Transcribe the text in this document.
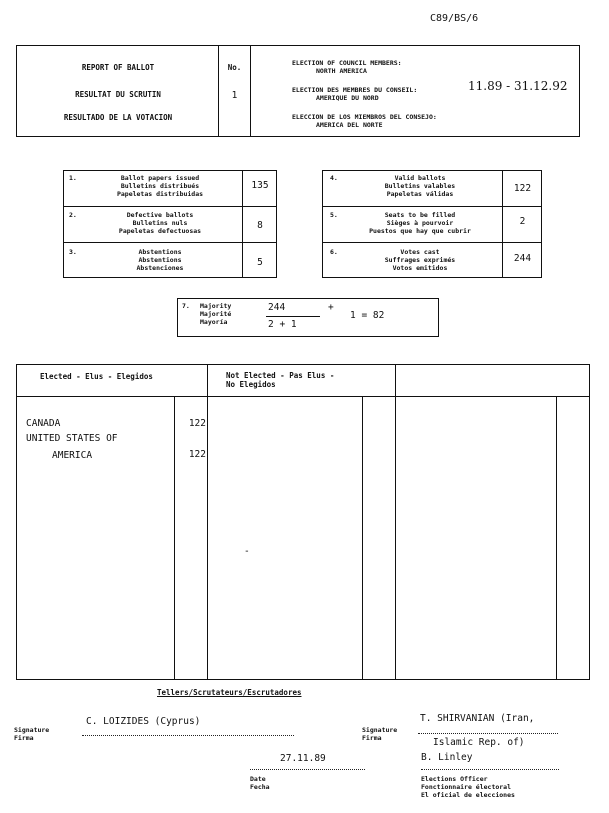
C89/BS/6
REPORT OF BALLOT
RESULTAT DU SCRUTIN
RESULTADO DE LA VOTACION
No.
1
ELECTION OF COUNCIL MEMBERS:
NORTH AMERICA
ELECTION DES MEMBRES DU CONSEIL:
AMERIQUE DU NORD
ELECCION DE LOS MIEMBROS DEL CONSEJO:
AMERICA DEL NORTE
11.89 - 31.12.92
1.	Ballot papers issued
Bulletins distribués
Papeletas distribuidas
135
2.	Defective ballots
Bulletins nuls
Papeletas defectuosas	8
3.	Abstentions
Abstentions
Abstenciones	5
4.	Valid ballots
Bulletins valables
Papeletas válidas	122
5.	Seats to be filled
Sièges à pourvoir
Puestos que hay que cubrir
2
6.	Votes cast
Suffrages exprimés
Votos emitidos
244
7. Majority
Majorité
Mayoría
244
2 + 1
+
1 = 82
Elected - Elus - Elegidos	Not Elected - Pas Elus -
No Elegidos
CANADA	122
UNITED STATES OF
AMERICA	122
-
Tellers/Scrutateurs/Escrutadores
Signature
Firma
C. LOIZIDES (Cyprus)
Signature
Firma
T. SHIRVANIAN (Iran,
Islamic Rep. of)
27.11.89
Date
Fecha
B. Linley
Elections Officer
Fonctionnaire électoral
El oficial de elecciones
